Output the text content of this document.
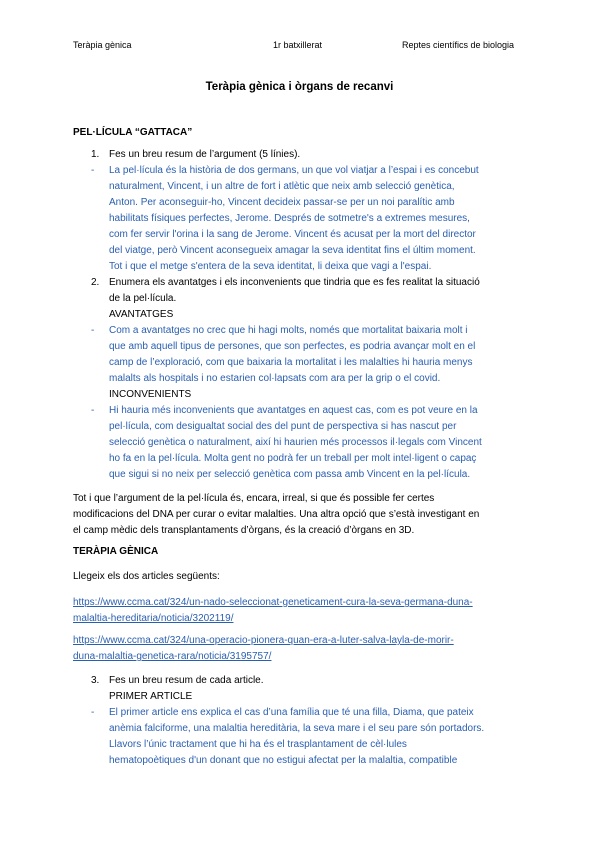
Teràpia gènica	1r batxillerat	Reptes científics de biologia
Teràpia gènica i òrgans de recanvi
PEL·LÍCULA “GATTACA”
1. Fes un breu resum de l’argument (5 línies).
-	La pel·lícula és la història de dos germans, un que vol viatjar a l’espai i es concebut
naturalment, Vincent, i un altre de fort i atlètic que neix amb selecció genètica,
Anton. Per aconseguir-ho, Vincent decideix passar-se per un noi paralític amb
habilitats físiques perfectes, Jerome. Després de sotmetre's a extremes mesures,
com fer servir l'orina i la sang de Jerome. Vincent és acusat per la mort del director
del viatge, però Vincent aconsegueix amagar la seva identitat fins el últim moment.
Tot i que el metge s'entera de la seva identitat, li deixa que vagi a l'espai.
2. Enumera els avantatges i els inconvenients que tindria que es fes realitat la situació
de la pel·lícula.
AVANTATGES
-	Com a avantatges no crec que hi hagi molts, només que mortalitat baixaria molt i
que amb aquell tipus de persones, que son perfectes, es podria avançar molt en el
camp de l’exploració, com que baixaria la mortalitat i les malalties hi hauria menys
malalts als hospitals i no estarien col·lapsats com ara per la grip o el covid.
INCONVENIENTS
-	Hi hauria més inconvenients que avantatges en aquest cas, com es pot veure en la
pel·lícula, com desigualtat social des del punt de perspectiva si has nascut per
selecció genètica o naturalment, així hi haurien més processos il·legals com Vincent
ho fa en la pel·lícula. Molta gent no podrà fer un treball per molt intel·ligent o capaç
que sigui si no neix per selecció genètica com passa amb Vincent en la pel·lícula.
Tot i que l’argument de la pel·lícula és, encara, irreal, si que és possible fer certes
modificacions del DNA per curar o evitar malalties. Una altra opció que s’està investigant en
el camp mèdic dels transplantaments d’òrgans, és la creació d’òrgans en 3D.
TERÀPIA GÈNICA
Llegeix els dos articles següents:
https://www.ccma.cat/324/un-nado-seleccionat-geneticament-cura-la-seva-germana-duna-
malaltia-hereditaria/noticia/3202119/
https://www.ccma.cat/324/una-operacio-pionera-quan-era-a-luter-salva-layla-de-morir-
duna-malaltia-genetica-rara/noticia/3195757/
3. Fes un breu resum de cada article.
PRIMER ARTICLE
-	El primer article ens explica el cas d’una família que té una filla, Diama, que pateix
anèmia falciforme, una malaltia hereditària, la seva mare i el seu pare són portadors.
Llavors l’únic tractament que hi ha és el trasplantament de cèl·lules
hematopoètiques d'un donant que no estigui afectat per la malaltia, compatible
